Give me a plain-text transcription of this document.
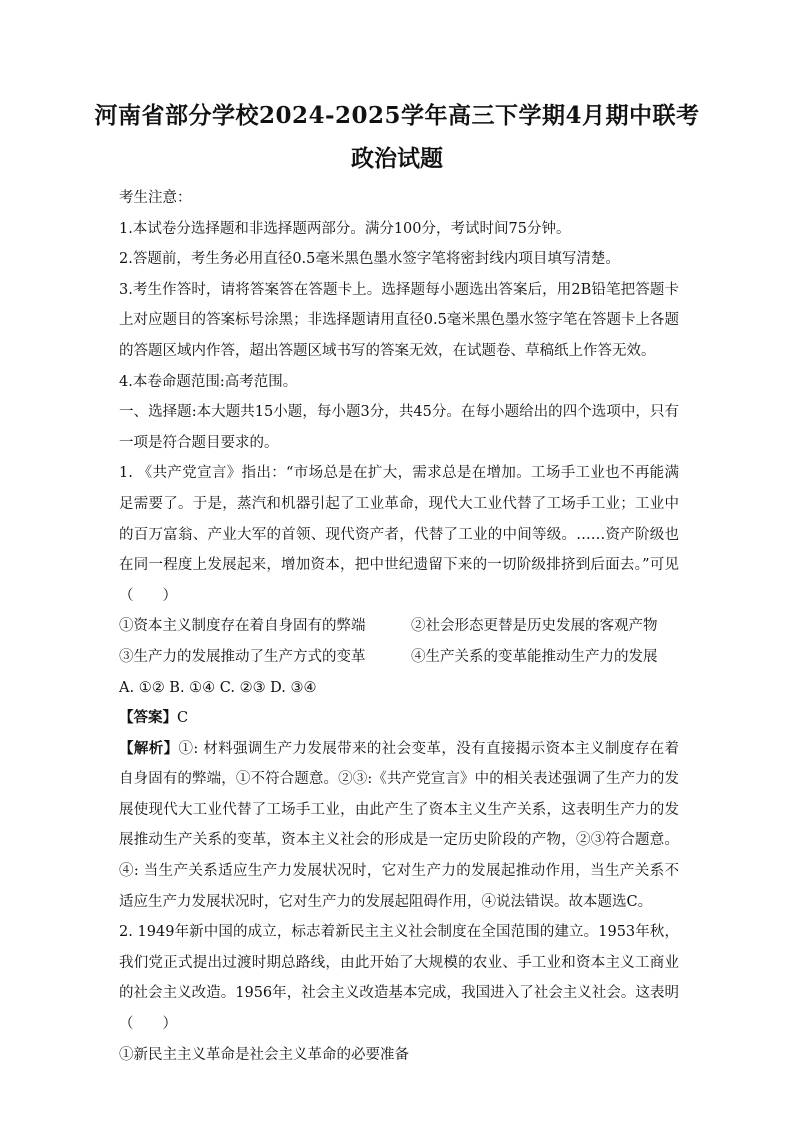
河南省部分学校2024-2025学年高三下学期4月期中联考
政治试题

考生注意：

1.本试卷分选择题和非选择题两部分。满分100分，考试时间75分钟。

2.答题前，考生务必用直径0.5毫米黑色墨水签字笔将密封线内项目填写清楚。

3.考生作答时，请将答案答在答题卡上。选择题每小题选出答案后，用2B铅笔把答题卡上对应题目的答案标号涂黑；非选择题请用直径0.5毫米黑色墨水签字笔在答题卡上各题的答题区域内作答，超出答题区域书写的答案无效，在试题卷、草稿纸上作答无效。

4.本卷命题范围:高考范围。

一、选择题:本大题共15小题，每小题3分，共45分。在每小题给出的四个选项中，只有一项是符合题目要求的。

1. 《共产党宣言》指出：“市场总是在扩大，需求总是在增加。工场手工业也不再能满足需要了。于是，蒸汽和机器引起了工业革命，现代大工业代替了工场手工业；工业中的百万富翁、产业大军的首领、现代资产者，代替了工业的中间等级。……资产阶级也在同一程度上发展起来，增加资本，把中世纪遗留下来的一切阶级排挤到后面去。”可见（　　）

①资本主义制度存在着自身固有的弊端	②社会形态更替是历史发展的客观产物
③生产力的发展推动了生产方式的变革	④生产关系的变革能推动生产力的发展

A. ①② B. ①④ C. ②③ D. ③④

【答案】C

【解析】①: 材料强调生产力发展带来的社会变革，没有直接揭示资本主义制度存在着自身固有的弊端，①不符合题意。②③:《共产党宣言》中的相关表述强调了生产力的发展使现代大工业代替了工场手工业，由此产生了资本主义生产关系，这表明生产力的发展推动生产关系的变革，资本主义社会的形成是一定历史阶段的产物，②③符合题意。④: 当生产关系适应生产力发展状况时，它对生产力的发展起推动作用，当生产关系不适应生产力发展状况时，它对生产力的发展起阻碍作用，④说法错误。故本题选C。

2. 1949年新中国的成立，标志着新民主主义社会制度在全国范围的建立。1953年秋，我们党正式提出过渡时期总路线，由此开始了大规模的农业、手工业和资本主义工商业的社会主义改造。1956年，社会主义改造基本完成，我国进入了社会主义社会。这表明（　　）

①新民主主义革命是社会主义革命的必要准备
